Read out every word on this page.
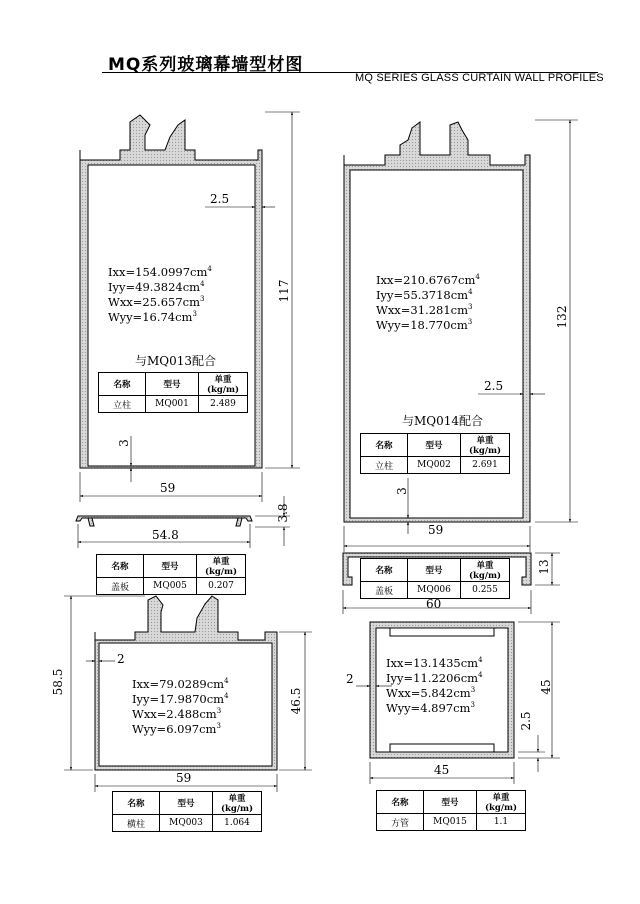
MQ系列玻璃幕墙型材图
MQ SERIES GLASS CURTAIN WALL PROFILES
$Ixx=154.0997cm^4$
$Iyy=49.3824cm^4$
$Wxx=25.657cm^3$
$Wyy=16.74cm^3$
与MQ013配合
名称	型号	单重(kg/m)
立柱	MQ001	2.489
2.5
117
3
59
54.8
3.8
名称	型号	单重(kg/m)
盖板	MQ005	0.207
$Ixx=210.6767cm^4$
$Iyy=55.3718cm^4$
$Wxx=31.281cm^3$
$Wyy=18.770cm^3$
与MQ014配合
名称	型号	单重(kg/m)
立柱	MQ002	2.691
2.5
132
3
59
名称	型号	单重(kg/m)
盖板	MQ006	0.255
13
60
$Ixx=79.0289cm^4$
$Iyy=17.9870cm^4$
$Wxx=2.488cm^3$
$Wyy=6.097cm^3$
2
58.5
46.5
59
名称	型号	单重(kg/m)
横柱	MQ003	1.064
$Ixx=13.1435cm^4$
$Iyy=11.2206cm^4$
$Wxx=5.842cm^3$
$Wyy=4.897cm^3$
2
45
2.5
45
名称	型号	单重(kg/m)
方管	MQ015	1.1
